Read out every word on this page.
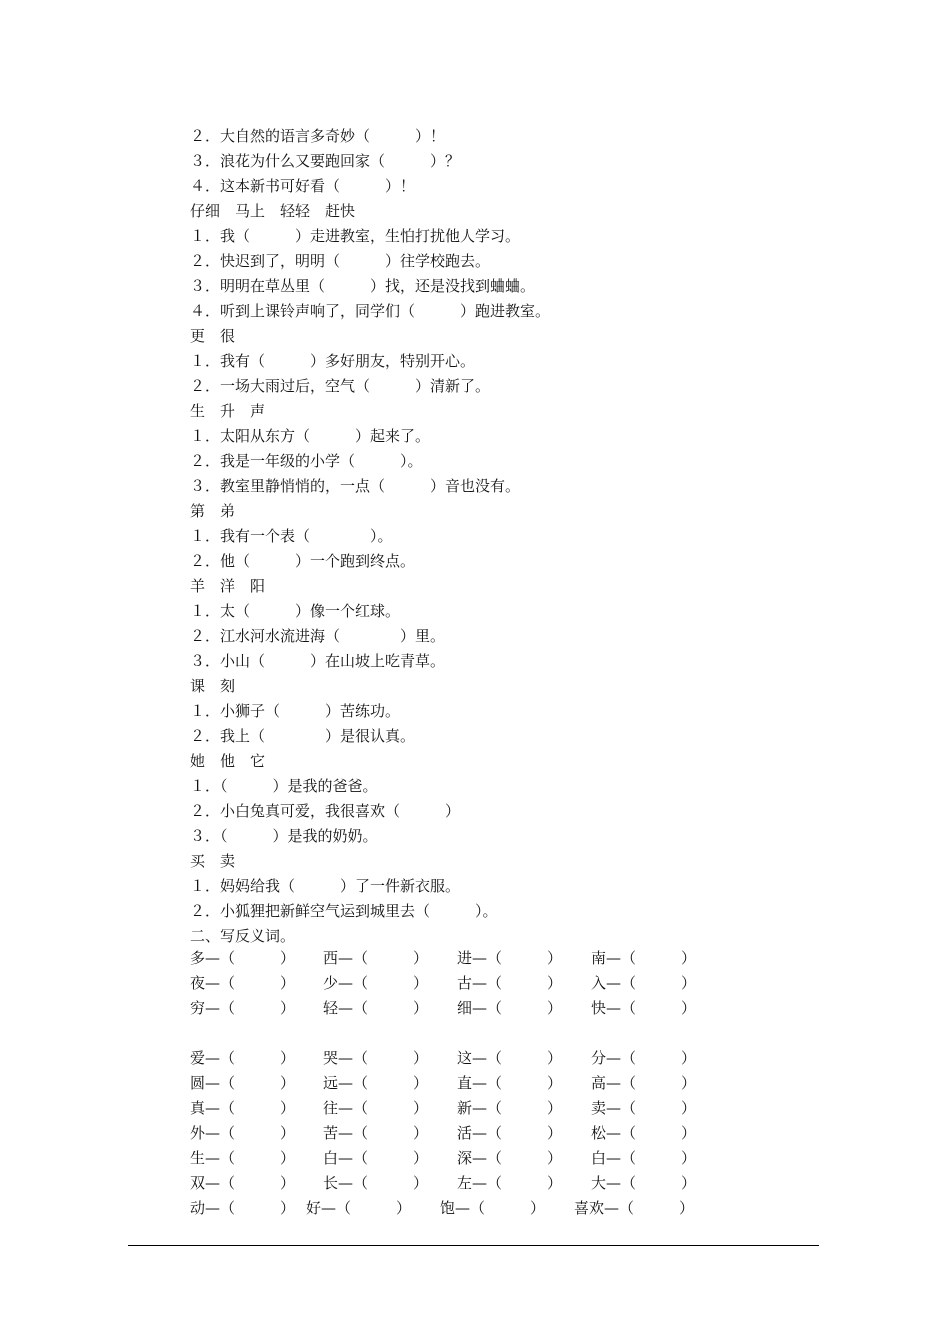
２．大自然的语言多奇妙（　　　）！
３．浪花为什么又要跑回家（　　　）？
４．这本新书可好看（　　　）！
仔细　马上　轻轻　赶快
１．我（　　　）走进教室，生怕打扰他人学习。
２．快迟到了，明明（　　　）往学校跑去。
３．明明在草丛里（　　　）找，还是没找到蛐蛐。
４．听到上课铃声响了，同学们（　　　）跑进教室。
更　很
１．我有（　　　）多好朋友，特别开心。
２．一场大雨过后，空气（　　　）清新了。
生　升　声
１．太阳从东方（　　　）起来了。
２．我是一年级的小学（　　　）。
３．教室里静悄悄的，一点（　　　）音也没有。
第　弟
１．我有一个表（　　　　）。
２．他（　　　）一个跑到终点。
羊　洋　阳
１．太（　　　）像一个红球。
２．江水河水流进海（　　　　）里。
３．小山（　　　）在山坡上吃青草。
课　刻
１．小狮子（　　　）苦练功。
２．我上（　　　　）是很认真。
她　他　它
１．（　　　）是我的爸爸。
２．小白兔真可爱，我很喜欢（　　　）
３．（　　　）是我的奶奶。
买　卖
１．妈妈给我（　　　）了一件新衣服。
２．小狐狸把新鲜空气运到城里去（　　　）。
二、写反义词。
多—（　　　） 西—（　　　） 进—（　　　） 南—（　　　）
夜—（　　　） 少—（　　　） 古—（　　　） 入—（　　　）
穷—（　　　） 轻—（　　　） 细—（　　　） 快—（　　　）
爱—（　　　） 哭—（　　　） 这—（　　　） 分—（　　　）
圆—（　　　） 远—（　　　） 直—（　　　） 高—（　　　）
真—（　　　） 往—（　　　） 新—（　　　） 卖—（　　　）
外—（　　　） 苦—（　　　） 活—（　　　） 松—（　　　）
生—（　　　） 白—（　　　） 深—（　　　） 白—（　　　）
双—（　　　） 长—（　　　） 左—（　　　） 大—（　　　）
动—（　　　） 好—（　　　） 饱—（　　　） 喜欢—（　　　）
